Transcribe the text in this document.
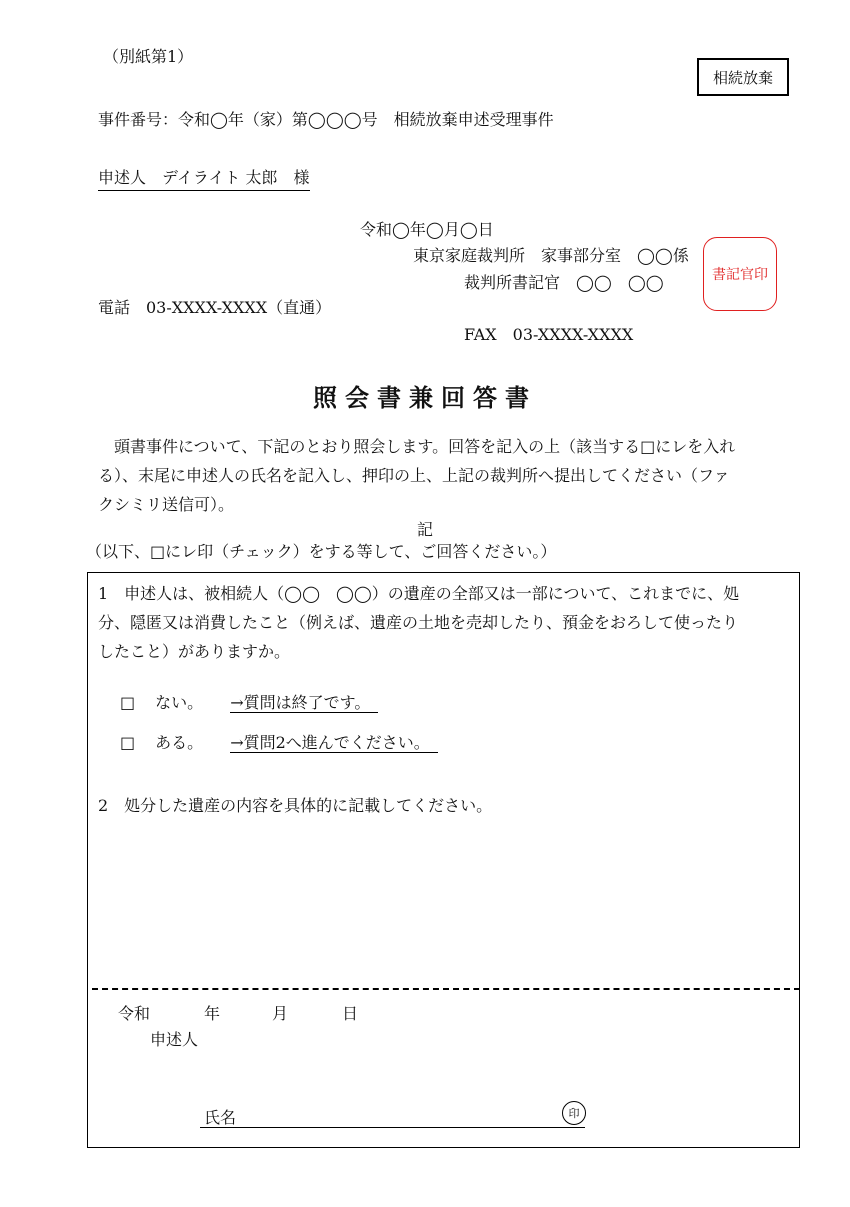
（別紙第1）
相続放棄
事件番号：令和◯年（家）第◯◯◯号　相続放棄申述受理事件
申述人　デイライト 太郎　様
令和◯年◯月◯日
東京家庭裁判所　家事部分室　◯◯係
裁判所書記官　◯◯　◯◯	書記官印
電話　03-XXXX-XXXX（直通）
FAX　03-XXXX-XXXX
照会書兼回答書
頭書事件について、下記のとおり照会します。回答を記入の上（該当する□にレを入れ
る）、末尾に申述人の氏名を記入し、押印の上、上記の裁判所へ提出してください（ファ
クシミリ送信可）。
記
（以下、□にレ印（チェック）をする等して、ご回答ください。）
1　申述人は、被相続人（◯◯　◯◯）の遺産の全部又は一部について、これまでに、処
分、隠匿又は消費したこと（例えば、遺産の土地を売却したり、預金をおろして使ったり
したこと）がありますか。
□ ない。 →質問は終了です。
□ ある。 →質問2へ進んでください。
2　処分した遺産の内容を具体的に記載してください。
令和	年	月	日
申述人
氏名	印
